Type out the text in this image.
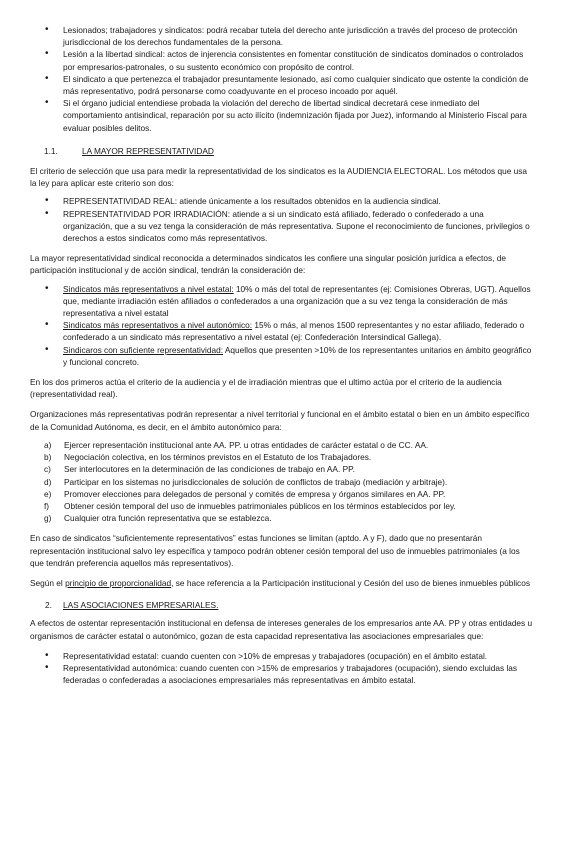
• Lesionados; trabajadores y sindicatos: podrá recabar tutela del derecho ante jurisdicción a través del proceso de protección jurisdiccional de los derechos fundamentales de la persona.

• Lesión a la libertad sindical: actos de injerencia consistentes en fomentar constitución de sindicatos dominados o controlados por empresarios-patronales, o su sustento económico con propósito de control.

• El sindicato a que pertenezca el trabajador presuntamente lesionado, así como cualquier sindicato que ostente la condición de más representativo, podrá personarse como coadyuvante en el proceso incoado por aquél.

• Si el órgano judicial entendiese probada la violación del derecho de libertad sindical decretará cese inmediato del comportamiento antisindical, reparación por su acto ilícito (indemnización fijada por Juez), informando al Ministerio Fiscal para evaluar posibles delitos.

1.1.	LA MAYOR REPRESENTATIVIDAD

El criterio de selección que usa para medir la representatividad de los sindicatos es la AUDIENCIA ELECTORAL. Los métodos que usa la ley para aplicar este criterio son dos:

• REPRESENTATIVIDAD REAL: atiende únicamente a los resultados obtenidos en la audiencia sindical.

• REPRESENTATIVIDAD POR IRRADIACIÓN: atiende a si un sindicato está afiliado, federado o confederado a una organización, que a su vez tenga la consideración de más representativa. Supone el reconocimiento de funciones, privilegios o derechos a estos sindicatos como más representativos.

La mayor representatividad sindical reconocida a determinados sindicatos les confiere una singular posición jurídica a efectos, de participación institucional y de acción sindical, tendrán la consideración de:

• Sindicatos más representativos a nivel estatal: 10% o más del total de representantes (ej: Comisiones Obreras, UGT). Aquellos que, mediante irradiación estén afiliados o confederados a una organización que a su vez tenga la consideración de más representativa a nivel estatal

• Sindicatos más representativos a nivel autonómico: 15% o más, al menos 1500 representantes y no estar afiliado, federado o confederado a un sindicato más representativo a nivel estatal (ej: Confederación Intersindical Gallega).

• Sindicaros con suficiente representatividad: Aquellos que presenten >10% de los representantes unitarios en ámbito geográfico y funcional concreto.

En los dos primeros actúa el criterio de la audiencia y el de irradiación mientras que el ultimo actúa por el criterio de la audiencia (representatividad real).

Organizaciones más representativas podrán representar a nivel territorial y funcional en el ámbito estatal o bien en un ámbito específico de la Comunidad Autónoma, es decir, en el ámbito autonómico para:

a)	Ejercer representación institucional ante AA. PP. u otras entidades de carácter estatal o de CC. AA.
b)	Negociación colectiva, en los términos previstos en el Estatuto de los Trabajadores.
c)	Ser interlocutores en la determinación de las condiciones de trabajo en AA. PP.
d)	Participar en los sistemas no jurisdiccionales de solución de conflictos de trabajo (mediación y arbitraje).
e)	Promover elecciones para delegados de personal y comités de empresa y órganos similares en AA. PP.
f)	Obtener cesión temporal del uso de inmuebles patrimoniales públicos en los términos establecidos por ley.
g)	Cualquier otra función representativa que se establezca.

En caso de sindicatos “suficientemente representativos” estas funciones se limitan (aptdo. A y F), dado que no presentarán representación institucional salvo ley específica y tampoco podrán obtener cesión temporal del uso de inmuebles patrimoniales (a los que tendrán preferencia aquellos más representativos).

Según el principio de proporcionalidad, se hace referencia a la Participación institucional y Cesión del uso de bienes inmuebles públicos

2.	LAS ASOCIACIONES EMPRESARIALES.

A efectos de ostentar representación institucional en defensa de intereses generales de los empresarios ante AA. PP y otras entidades u organismos de carácter estatal o autonómico, gozan de esta capacidad representativa las asociaciones empresariales que:

• Representatividad estatal: cuando cuenten con >10% de empresas y trabajadores (ocupación) en el ámbito estatal.

• Representatividad autonómica: cuando cuenten con >15% de empresarios y trabajadores (ocupación), siendo excluidas las federadas o confederadas a asociaciones empresariales más representativas en ámbito estatal.
